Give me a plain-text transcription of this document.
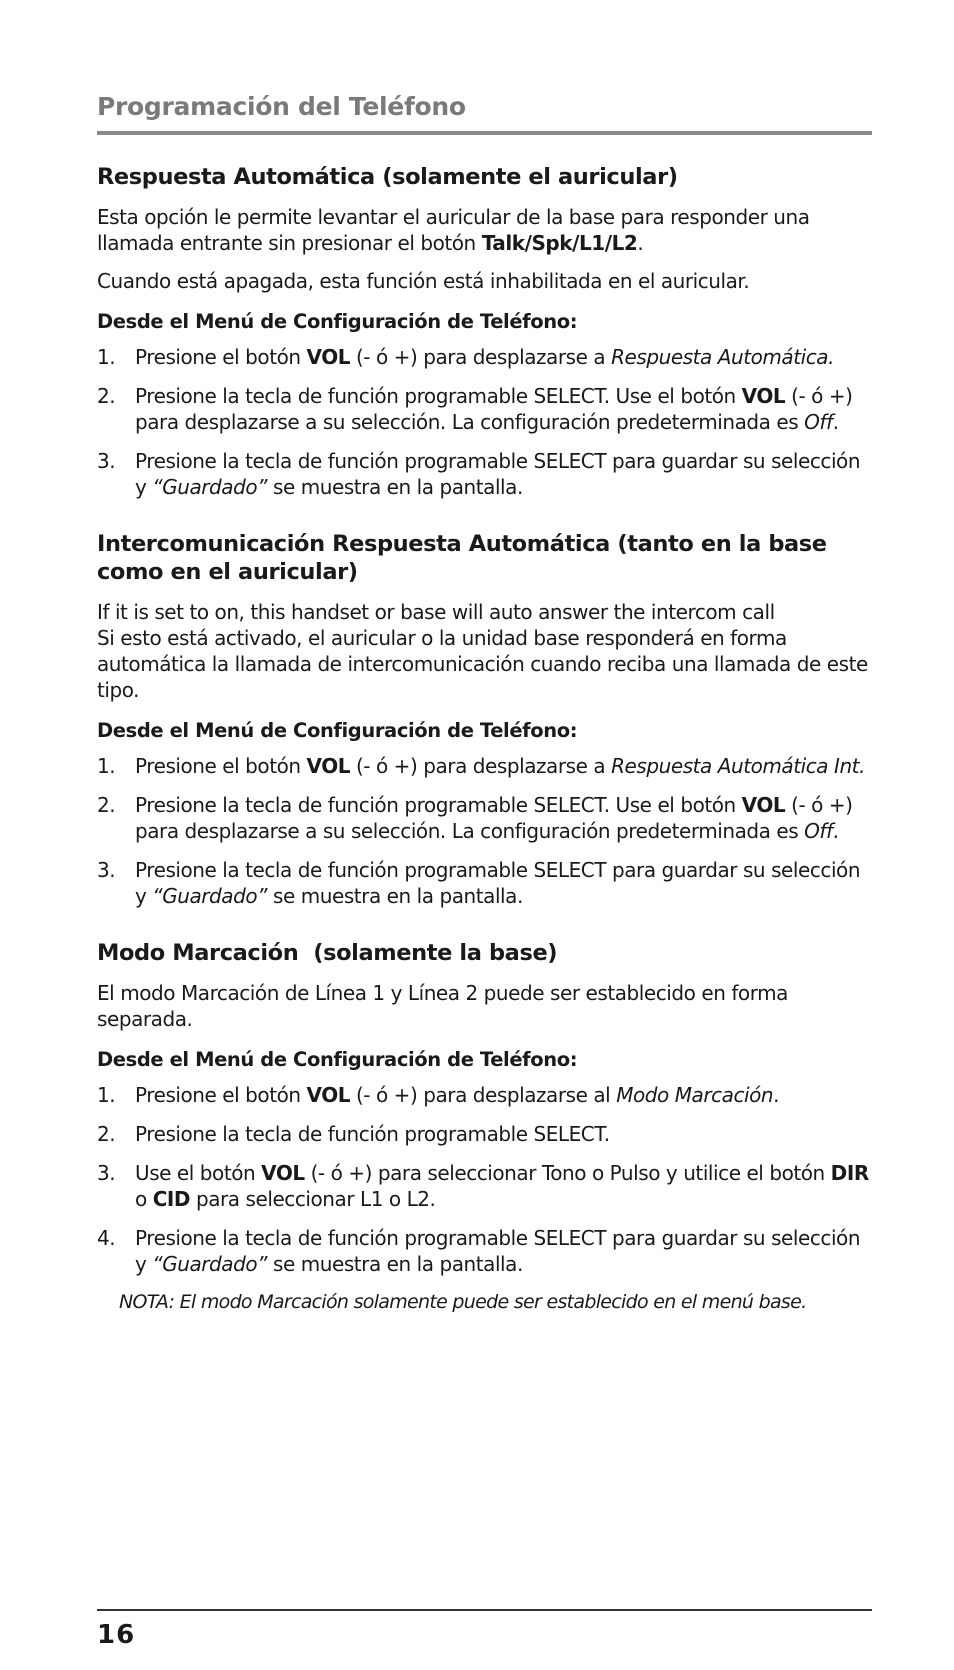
Programación del Teléfono
Respuesta Automática (solamente el auricular)

Esta opción le permite levantar el auricular de la base para responder una llamada entrante sin presionar el botón Talk/Spk/L1/L2.

Cuando está apagada, esta función está inhabilitada en el auricular.

Desde el Menú de Configuración de Teléfono:
1. Presione el botón VOL (- ó +) para desplazarse a Respuesta Automática.
2. Presione la tecla de función programable SELECT. Use el botón VOL (- ó +) para desplazarse a su selección. La configuración predeterminada es Off.
3. Presione la tecla de función programable SELECT para guardar su selección y “Guardado” se muestra en la pantalla.
Intercomunicación Respuesta Automática (tanto en la base como en el auricular)

If it is set to on, this handset or base will auto answer the intercom call
Si esto está activado, el auricular o la unidad base responderá en forma automática la llamada de intercomunicación cuando reciba una llamada de este tipo.

Desde el Menú de Configuración de Teléfono:
1. Presione el botón VOL (- ó +) para desplazarse a Respuesta Automática Int.
2. Presione la tecla de función programable SELECT. Use el botón VOL (- ó +) para desplazarse a su selección. La configuración predeterminada es Off.
3. Presione la tecla de función programable SELECT para guardar su selección y “Guardado” se muestra en la pantalla.
Modo Marcación  (solamente la base)

El modo Marcación de Línea 1 y Línea 2 puede ser establecido en forma separada.

Desde el Menú de Configuración de Teléfono:
1. Presione el botón VOL (- ó +) para desplazarse al Modo Marcación.
2. Presione la tecla de función programable SELECT.
3. Use el botón VOL (- ó +) para seleccionar Tono o Pulso y utilice el botón DIR o CID para seleccionar L1 o L2.
4. Presione la tecla de función programable SELECT para guardar su selección y “Guardado” se muestra en la pantalla.

NOTA: El modo Marcación solamente puede ser establecido en el menú base.

16
